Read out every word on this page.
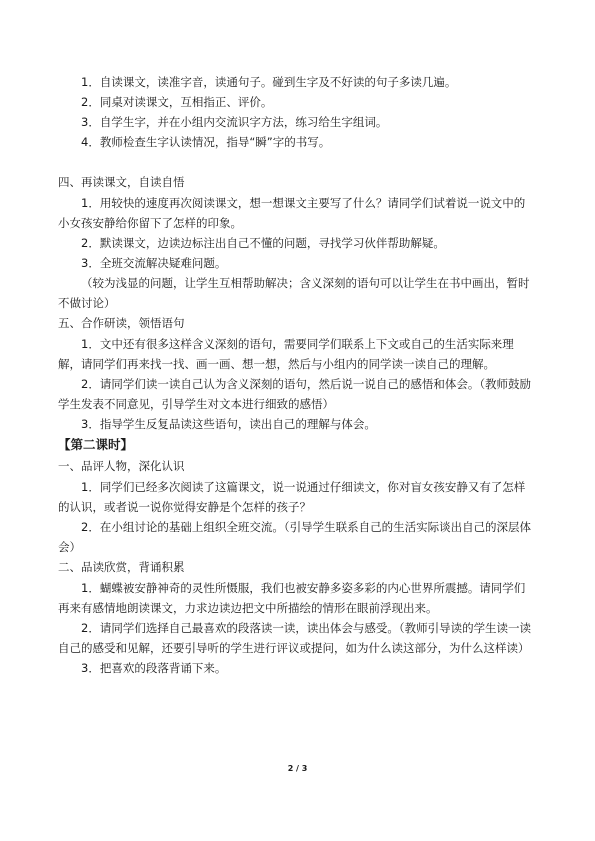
1．自读课文，读准字音，读通句子。碰到生字及不好读的句子多读几遍。

2．同桌对读课文，互相指正、评价。

3．自学生字，并在小组内交流识字方法，练习给生字组词。

4．教师检查生字认读情况，指导“瞬”字的书写。

四、再读课文，自读自悟

1．用较快的速度再次阅读课文，想一想课文主要写了什么？请同学们试着说一说文中的小女孩安静给你留下了怎样的印象。

2．默读课文，边读边标注出自己不懂的问题，寻找学习伙伴帮助解疑。

3．全班交流解决疑难问题。

（较为浅显的问题，让学生互相帮助解决；含义深刻的语句可以让学生在书中画出，暂时不做讨论）

五、合作研读，领悟语句

1．文中还有很多这样含义深刻的语句，需要同学们联系上下文或自己的生活实际来理解，请同学们再来找一找、画一画、想一想，然后与小组内的同学读一读自己的理解。

2．请同学们读一读自己认为含义深刻的语句，然后说一说自己的感悟和体会。（教师鼓励学生发表不同意见，引导学生对文本进行细致的感悟）

3．指导学生反复品读这些语句，读出自己的理解与体会。

【第二课时】

一、品评人物，深化认识

1．同学们已经多次阅读了这篇课文，说一说通过仔细读文，你对盲女孩安静又有了怎样的认识，或者说一说你觉得安静是个怎样的孩子？

2．在小组讨论的基础上组织全班交流。（引导学生联系自己的生活实际谈出自己的深层体会）

二、品读欣赏，背诵积累

1．蝴蝶被安静神奇的灵性所慑服，我们也被安静多姿多彩的内心世界所震撼。请同学们再来有感情地朗读课文，力求边读边把文中所描绘的情形在眼前浮现出来。

2．请同学们选择自己最喜欢的段落读一读，读出体会与感受。（教师引导读的学生读一读自己的感受和见解，还要引导听的学生进行评议或提问，如为什么读这部分，为什么这样读）

3．把喜欢的段落背诵下来。

2 / 3
